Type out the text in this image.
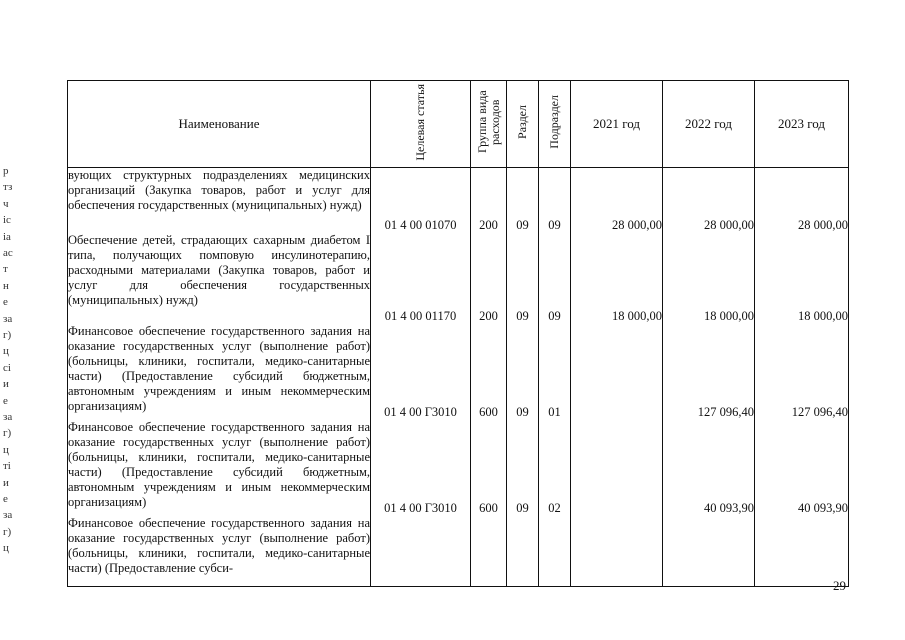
р
тз
ч
іс
іа
ас
т
н
е
за
г)
ц
сі
и
е
за
г)
ц
ті
и
е
за
г)
ц
Наименование	Целевая статья	Группа вида расходов	Раздел	Подраздел	2021 год	2022 год	2023 год
вующих структурных подразделениях медицинских организаций (Закупка товаров, работ и услуг для обеспечения государственных (муниципальных) нужд)	01 4 00 01070	200	09	09	28 000,00	28 000,00	28 000,00
Обеспечение детей, страдающих сахарным диабетом I типа, получающих помповую инсулинотерапию, расходными материалами (Закупка товаров, работ и услуг для обеспечения государственных (муниципальных) нужд)	01 4 00 01170	200	09	09	18 000,00	18 000,00	18 000,00
Финансовое обеспечение государственного задания на оказание государственных услуг (выполнение работ) (больницы, клиники, госпитали, медико-санитарные части) (Предоставление субсидий бюджетным, автономным учреждениям и иным некоммерческим организациям)	01 4 00 Г3010	600	09	01		127 096,40	127 096,40
Финансовое обеспечение государственного задания на оказание государственных услуг (выполнение работ) (больницы, клиники, госпитали, медико-санитарные части) (Предоставление субсидий бюджетным, автономным учреждениям и иным некоммерческим организациям)	01 4 00 Г3010	600	09	02		40 093,90	40 093,90
Финансовое обеспечение государственного задания на оказание государственных услуг (выполнение работ) (больницы, клиники, госпитали, медико-санитарные части) (Предоставление субси-							
29
